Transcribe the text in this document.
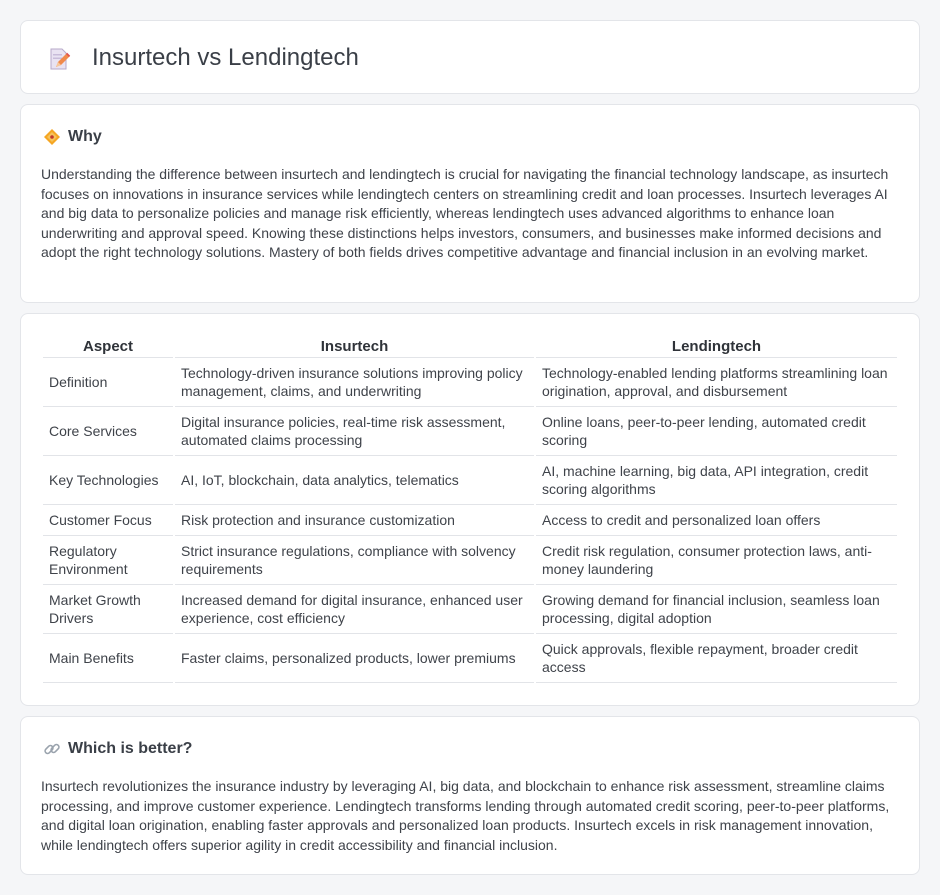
Insurtech vs Lendingtech
Why

Understanding the difference between insurtech and lendingtech is crucial for navigating the financial technology landscape, as insurtech focuses on innovations in insurance services while lendingtech centers on streamlining credit and loan processes. Insurtech leverages AI and big data to personalize policies and manage risk efficiently, whereas lendingtech uses advanced algorithms to enhance loan underwriting and approval speed. Knowing these distinctions helps investors, consumers, and businesses make informed decisions and adopt the right technology solutions. Mastery of both fields drives competitive advantage and financial inclusion in an evolving market.

Aspect	Insurtech	Lendingtech
Definition	Technology-driven insurance solutions improving policy management, claims, and underwriting	Technology-enabled lending platforms streamlining loan origination, approval, and disbursement
Core Services	Digital insurance policies, real-time risk assessment, automated claims processing	Online loans, peer-to-peer lending, automated credit scoring
Key Technologies	AI, IoT, blockchain, data analytics, telematics	AI, machine learning, big data, API integration, credit scoring algorithms
Customer Focus	Risk protection and insurance customization	Access to credit and personalized loan offers
Regulatory Environment	Strict insurance regulations, compliance with solvency requirements	Credit risk regulation, consumer protection laws, anti-money laundering
Market Growth Drivers	Increased demand for digital insurance, enhanced user experience, cost efficiency	Growing demand for financial inclusion, seamless loan processing, digital adoption
Main Benefits	Faster claims, personalized products, lower premiums	Quick approvals, flexible repayment, broader credit access
Which is better?

Insurtech revolutionizes the insurance industry by leveraging AI, big data, and blockchain to enhance risk assessment, streamline claims processing, and improve customer experience. Lendingtech transforms lending through automated credit scoring, peer-to-peer platforms, and digital loan origination, enabling faster approvals and personalized loan products. Insurtech excels in risk management innovation, while lendingtech offers superior agility in credit accessibility and financial inclusion.
